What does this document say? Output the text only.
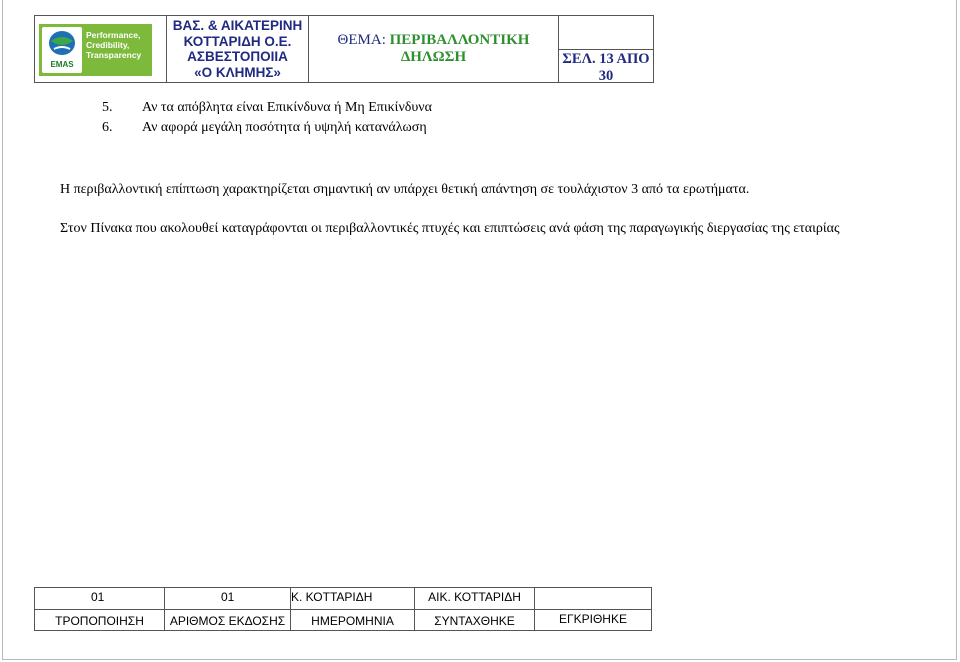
EMAS
Performance,
Credibility,
Transparency
ΒΑΣ. & ΑΙΚΑΤΕΡΙΝΗ
ΚΟΤΤΑΡΙΔΗ Ο.Ε.
ΑΣΒΕΣΤΟΠΟΙΙΑ
«Ο ΚΛΗΜΗΣ»
ΘΕΜΑ: ΠΕΡΙΒΑΛΛΟΝΤΙΚΗ
ΔΗΛΩΣΗ	ΣΕΛ. 13 ΑΠΟ
30
5. Αν τα απόβλητα είναι Επικίνδυνα ή Μη Επικίνδυνα
6. Αν αφορά μεγάλη ποσότητα ή υψηλή κατανάλωση
Η περιβαλλοντική επίπτωση χαρακτηρίζεται σημαντική αν υπάρχει θετική απάντηση σε τουλάχιστον 3 από τα ερωτήματα.
Στον Πίνακα που ακολουθεί καταγράφονται οι περιβαλλοντικές πτυχές και επιπτώσεις ανά φάση της παραγωγικής διεργασίας της εταιρίας
01	01	Κ. ΚΟΤΤΑΡΙΔΗ	ΑΙΚ. ΚΟΤΤΑΡΙΔΗ
ΤΡΟΠΟΠΟΙΗΣΗ	ΑΡΙΘΜΟΣ ΕΚΔΟΣΗΣ	ΗΜΕΡΟΜΗΝΙΑ	ΣΥΝΤΑΧΘΗΚΕ	ΕΓΚΡΙΘΗΚΕ
